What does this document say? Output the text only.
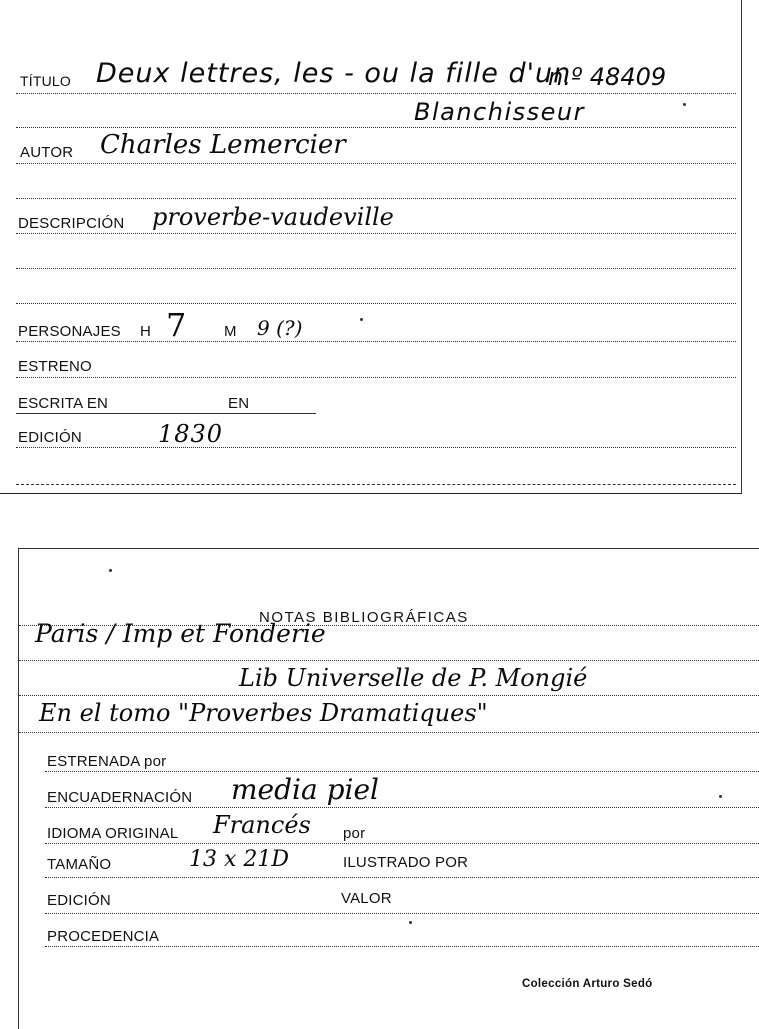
TÍTULO Deux lettres, les - ou la fille d'un
n.º 48409
Blanchisseur
AUTOR Charles Lemercier
DESCRIPCIÓN proverbe-vaudeville
PERSONAJES H 7	M 9 (?)
ESTRENO
ESCRITA EN	EN
EDICIÓN	1830
NOTAS BIBLIOGRÁFICAS
Paris / Imp et Fonderie
Lib Universelle de P. Mongié
En el tomo "Proverbes Dramatiques"
ESTRENADA por
ENCUADERNACIÓN media piel
IDIOMA ORIGINAL Francés por
TAMAÑO	13 x 21D	ILUSTRADO POR
EDICIÓN	VALOR
PROCEDENCIA
Colección Arturo Sedó
